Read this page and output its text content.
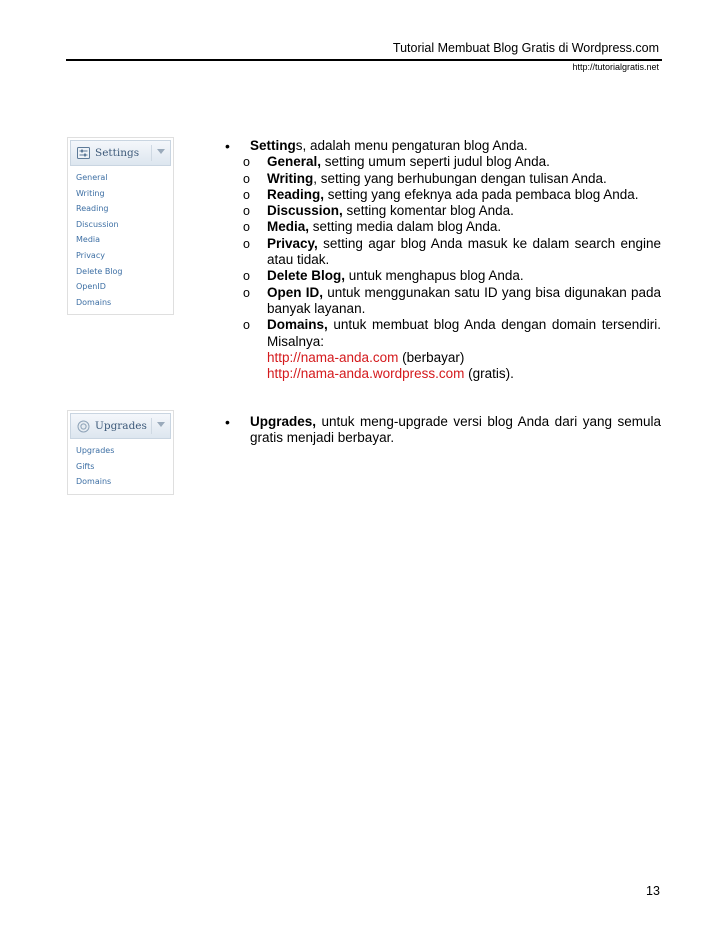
Tutorial Membuat Blog Gratis di Wordpress.com
http://tutorialgratis.net
Settings
General
Writing
Reading
Discussion
Media
Privacy
Delete Blog
OpenID
Domains
Upgrades
Upgrades
Gifts
Domains
• Settings, adalah menu pengaturan blog Anda.
o General, setting umum seperti judul blog Anda.
o Writing, setting yang berhubungan dengan tulisan Anda.
o Reading, setting yang efeknya ada pada pembaca blog Anda.
o Discussion, setting komentar blog Anda.
o Media, setting media dalam blog Anda.
o Privacy, setting agar blog Anda masuk ke dalam search engine atau tidak.
o Delete Blog, untuk menghapus blog Anda.
o Open ID, untuk menggunakan satu ID yang bisa digunakan pada banyak layanan.
o Domains, untuk membuat blog Anda dengan domain tersendiri. Misalnya:
http://nama-anda.com (berbayar)
http://nama-anda.wordpress.com (gratis).
• Upgrades, untuk meng-upgrade versi blog Anda dari yang semula gratis menjadi berbayar.
13
